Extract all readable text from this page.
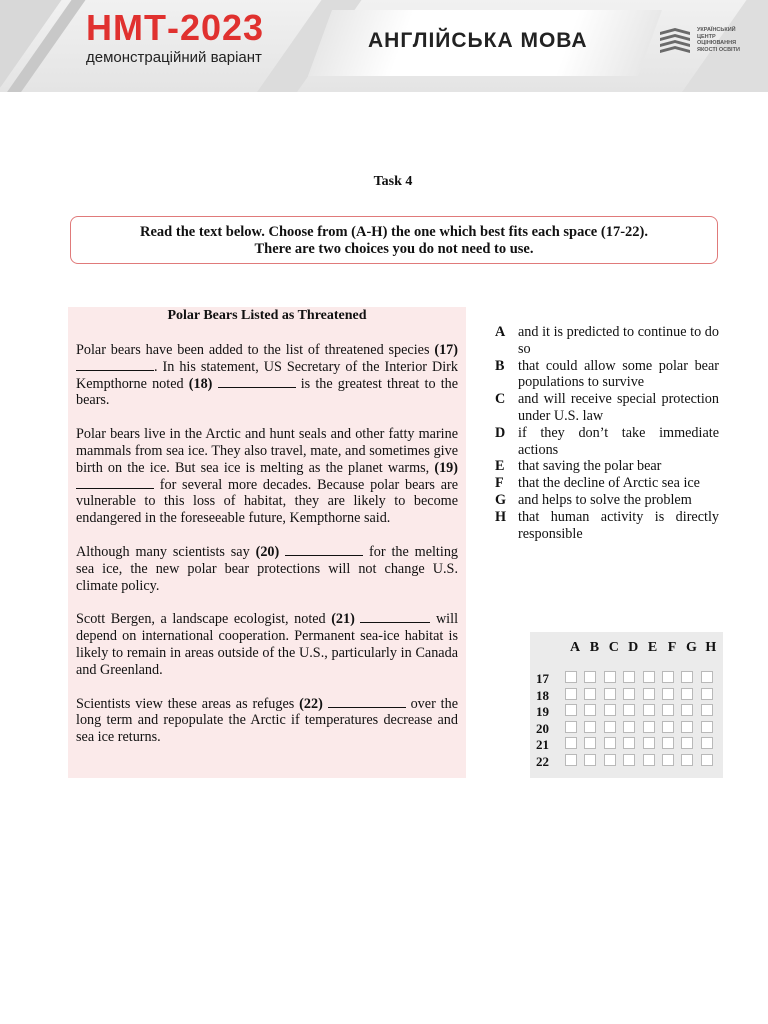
НМТ-2023
демонстраційний варіант
АНГЛІЙСЬКА МОВА	УКРАЇНСЬКИЙ
ЦЕНТР
ОЦІНЮВАННЯ
ЯКОСТІ ОСВІТИ
Task 4
Read the text below. Choose from (A-H) the one which best fits each space (17-22).
There are two choices you do not need to use.
Polar Bears Listed as Threatened

Polar bears have been added to the list of threatened species (17) . In his statement, US Secretary of the Interior Dirk Kempthorne noted (18)	is the greatest threat to the bears.

Polar bears live in the Arctic and hunt seals and other fatty marine mammals from sea ice. They also travel, mate, and sometimes give birth on the ice. But sea ice is melting as the planet warms, (19)  for several more decades. Because polar bears are vulnerable to this loss of habitat, they are likely to become endangered in the foreseeable future, Kempthorne said.

Although many scientists say (20)	for the melting sea ice, the new polar bear protections will not change U.S. climate policy.

Scott Bergen, a landscape ecologist, noted (21)	will depend on international cooperation. Permanent sea-ice habitat is likely to remain in areas outside of the U.S., particularly in Canada and Greenland.

Scientists view these areas as refuges (22)	over the long term and repopulate the Arctic if temperatures decrease and sea ice returns.

A and it is predicted to continue to do so
B that could allow some polar bear populations to survive
C and will receive special protection under U.S. law
D if they don’t take immediate actions
E that saving the polar bear
F that the decline of Arctic sea ice
G and helps to solve the problem
H that human activity is directly responsible
A B C D E F G H
17
18
19
20
21
22
